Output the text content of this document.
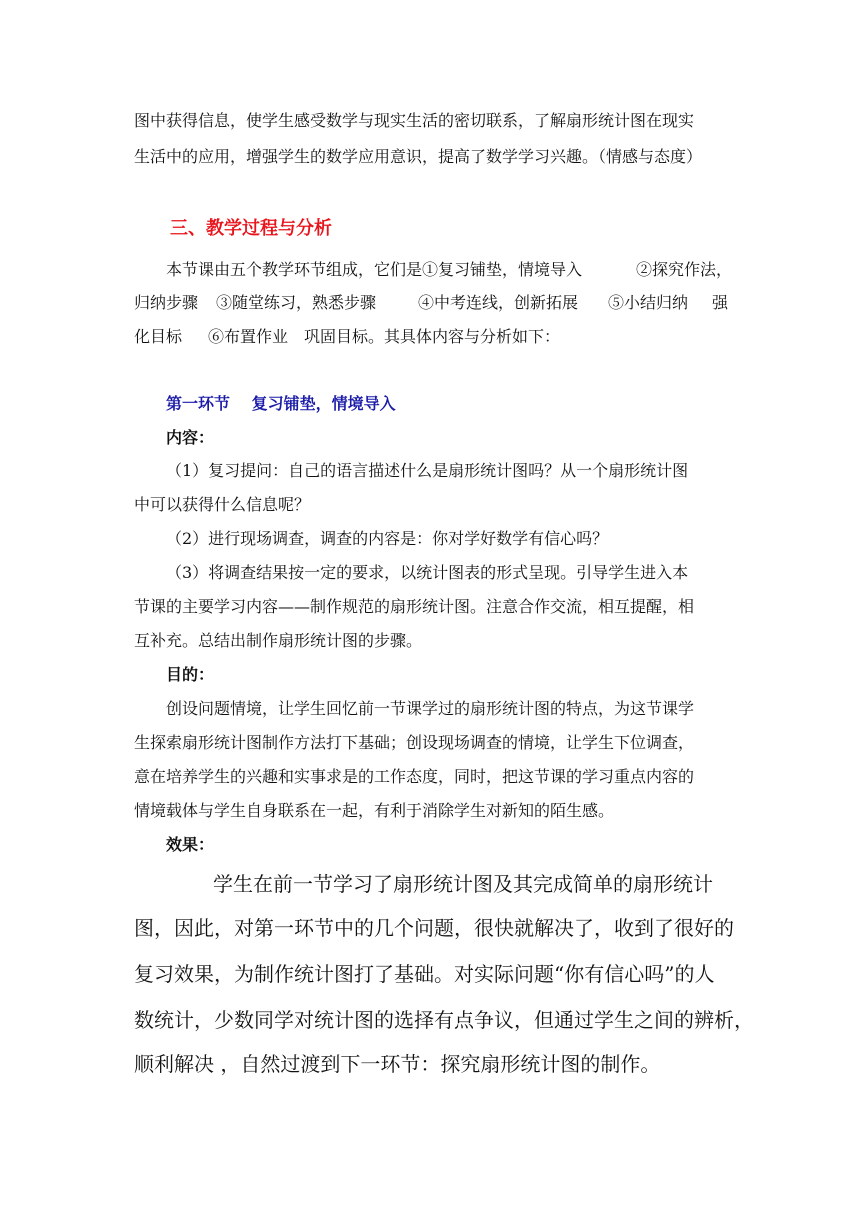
图中获得信息，使学生感受数学与现实生活的密切联系，了解扇形统计图在现实
生活中的应用，增强学生的数学应用意识，提高了数学学习兴趣。（情感与态度）
三、教学过程与分析
本节课由五个教学环节组成，它们是①复习铺垫，情境导入	②探究作法，
归纳步骤 ③随堂练习，熟悉步骤	④中考连线，创新拓展 ⑤小结归纳 强
化目标 ⑥布置作业　巩固目标。其具体内容与分析如下：
第一环节　 复习铺垫，情境导入
内容：
（1）复习提问：自己的语言描述什么是扇形统计图吗？从一个扇形统计图
中可以获得什么信息呢？
（2）进行现场调查，调查的内容是：你对学好数学有信心吗？
（3）将调查结果按一定的要求，以统计图表的形式呈现。引导学生进入本
节课的主要学习内容——制作规范的扇形统计图。注意合作交流，相互提醒，相
互补充。总结出制作扇形统计图的步骤。
目的：
创设问题情境，让学生回忆前一节课学过的扇形统计图的特点，为这节课学
生探索扇形统计图制作方法打下基础；创设现场调查的情境，让学生下位调查，
意在培养学生的兴趣和实事求是的工作态度，同时，把这节课的学习重点内容的
情境载体与学生自身联系在一起，有利于消除学生对新知的陌生感。
效果：
学生在前一节学习了扇形统计图及其完成简单的扇形统计
图，因此，对第一环节中的几个问题，很快就解决了，收到了很好的
复习效果，为制作统计图打了基础。对实际问题“你有信心吗”的人
数统计，少数同学对统计图的选择有点争议，但通过学生之间的辨析，
顺利解决 ，自然过渡到下一环节：探究扇形统计图的制作。
